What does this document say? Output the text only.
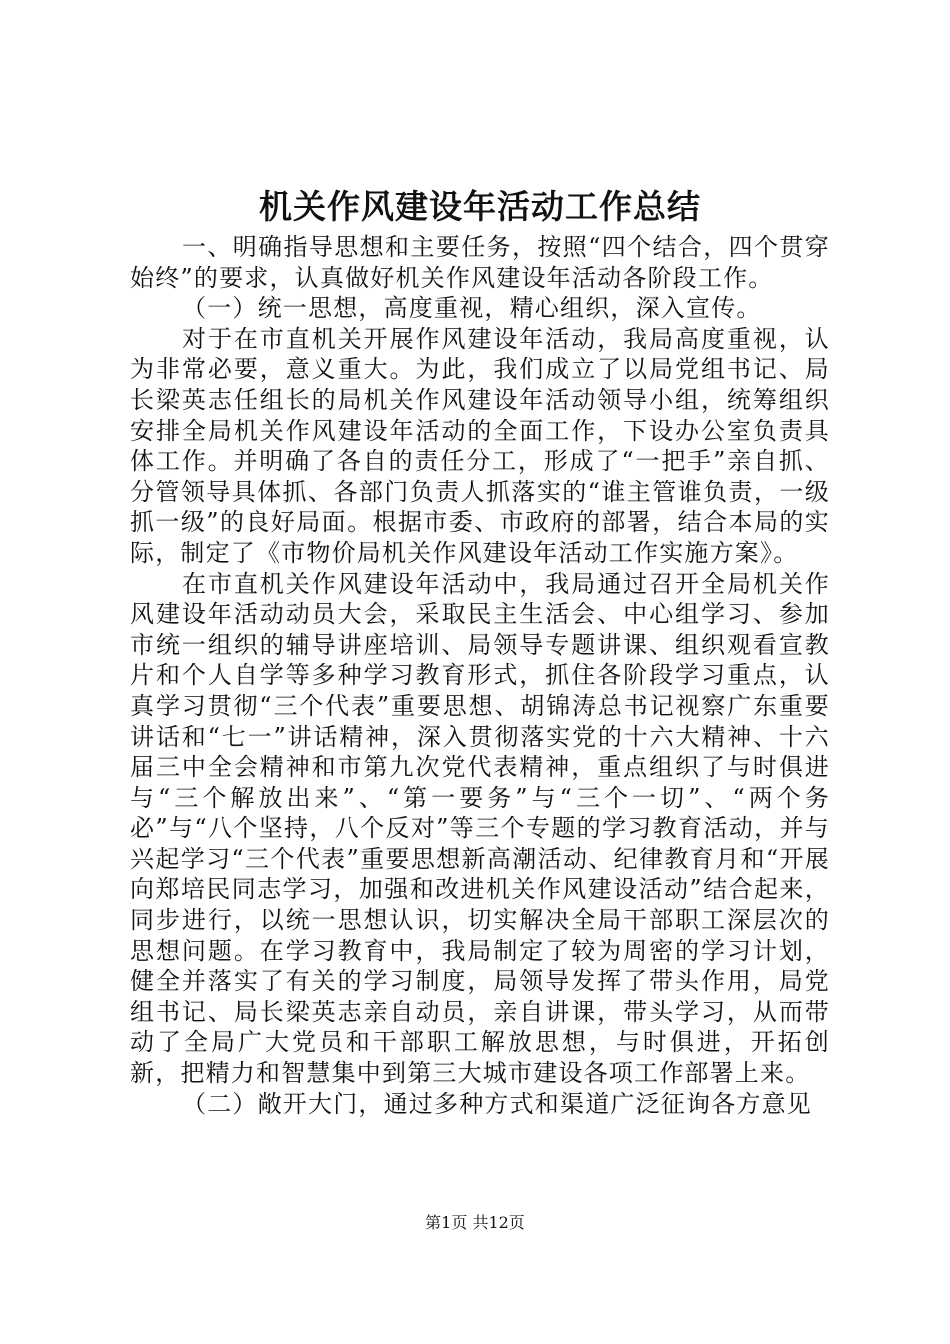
机关作风建设年活动工作总结

一、明确指导思想和主要任务，按照“四个结合，四个贯穿始终”的要求，认真做好机关作风建设年活动各阶段工作。

（一）统一思想，高度重视，精心组织，深入宣传。

对于在市直机关开展作风建设年活动，我局高度重视，认为非常必要，意义重大。为此，我们成立了以局党组书记、局长梁英志任组长的局机关作风建设年活动领导小组，统筹组织安排全局机关作风建设年活动的全面工作，下设办公室负责具体工作。并明确了各自的责任分工，形成了“一把手”亲自抓、分管领导具体抓、各部门负责人抓落实的“谁主管谁负责，一级抓一级”的良好局面。根据市委、市政府的部署，结合本局的实际，制定了《市物价局机关作风建设年活动工作实施方案》。

在市直机关作风建设年活动中，我局通过召开全局机关作风建设年活动动员大会，采取民主生活会、中心组学习、参加市统一组织的辅导讲座培训、局领导专题讲课、组织观看宣教片和个人自学等多种学习教育形式，抓住各阶段学习重点，认真学习贯彻“三个代表”重要思想、胡锦涛总书记视察广东重要讲话和“七一”讲话精神，深入贯彻落实党的十六大精神、十六届三中全会精神和市第九次党代表精神，重点组织了与时俱进与“三个解放出来”、“第一要务”与“三个一切”、“两个务必”与“八个坚持，八个反对”等三个专题的学习教育活动，并与兴起学习“三个代表”重要思想新高潮活动、纪律教育月和“开展向郑培民同志学习，加强和改进机关作风建设活动”结合起来，同步进行，以统一思想认识，切实解决全局干部职工深层次的思想问题。在学习教育中，我局制定了较为周密的学习计划，健全并落实了有关的学习制度，局领导发挥了带头作用，局党组书记、局长梁英志亲自动员，亲自讲课，带头学习，从而带动了全局广大党员和干部职工解放思想，与时俱进，开拓创新，把精力和智慧集中到第三大城市建设各项工作部署上来。

（二）敞开大门，通过多种方式和渠道广泛征询各方意见

第1页 共12页
